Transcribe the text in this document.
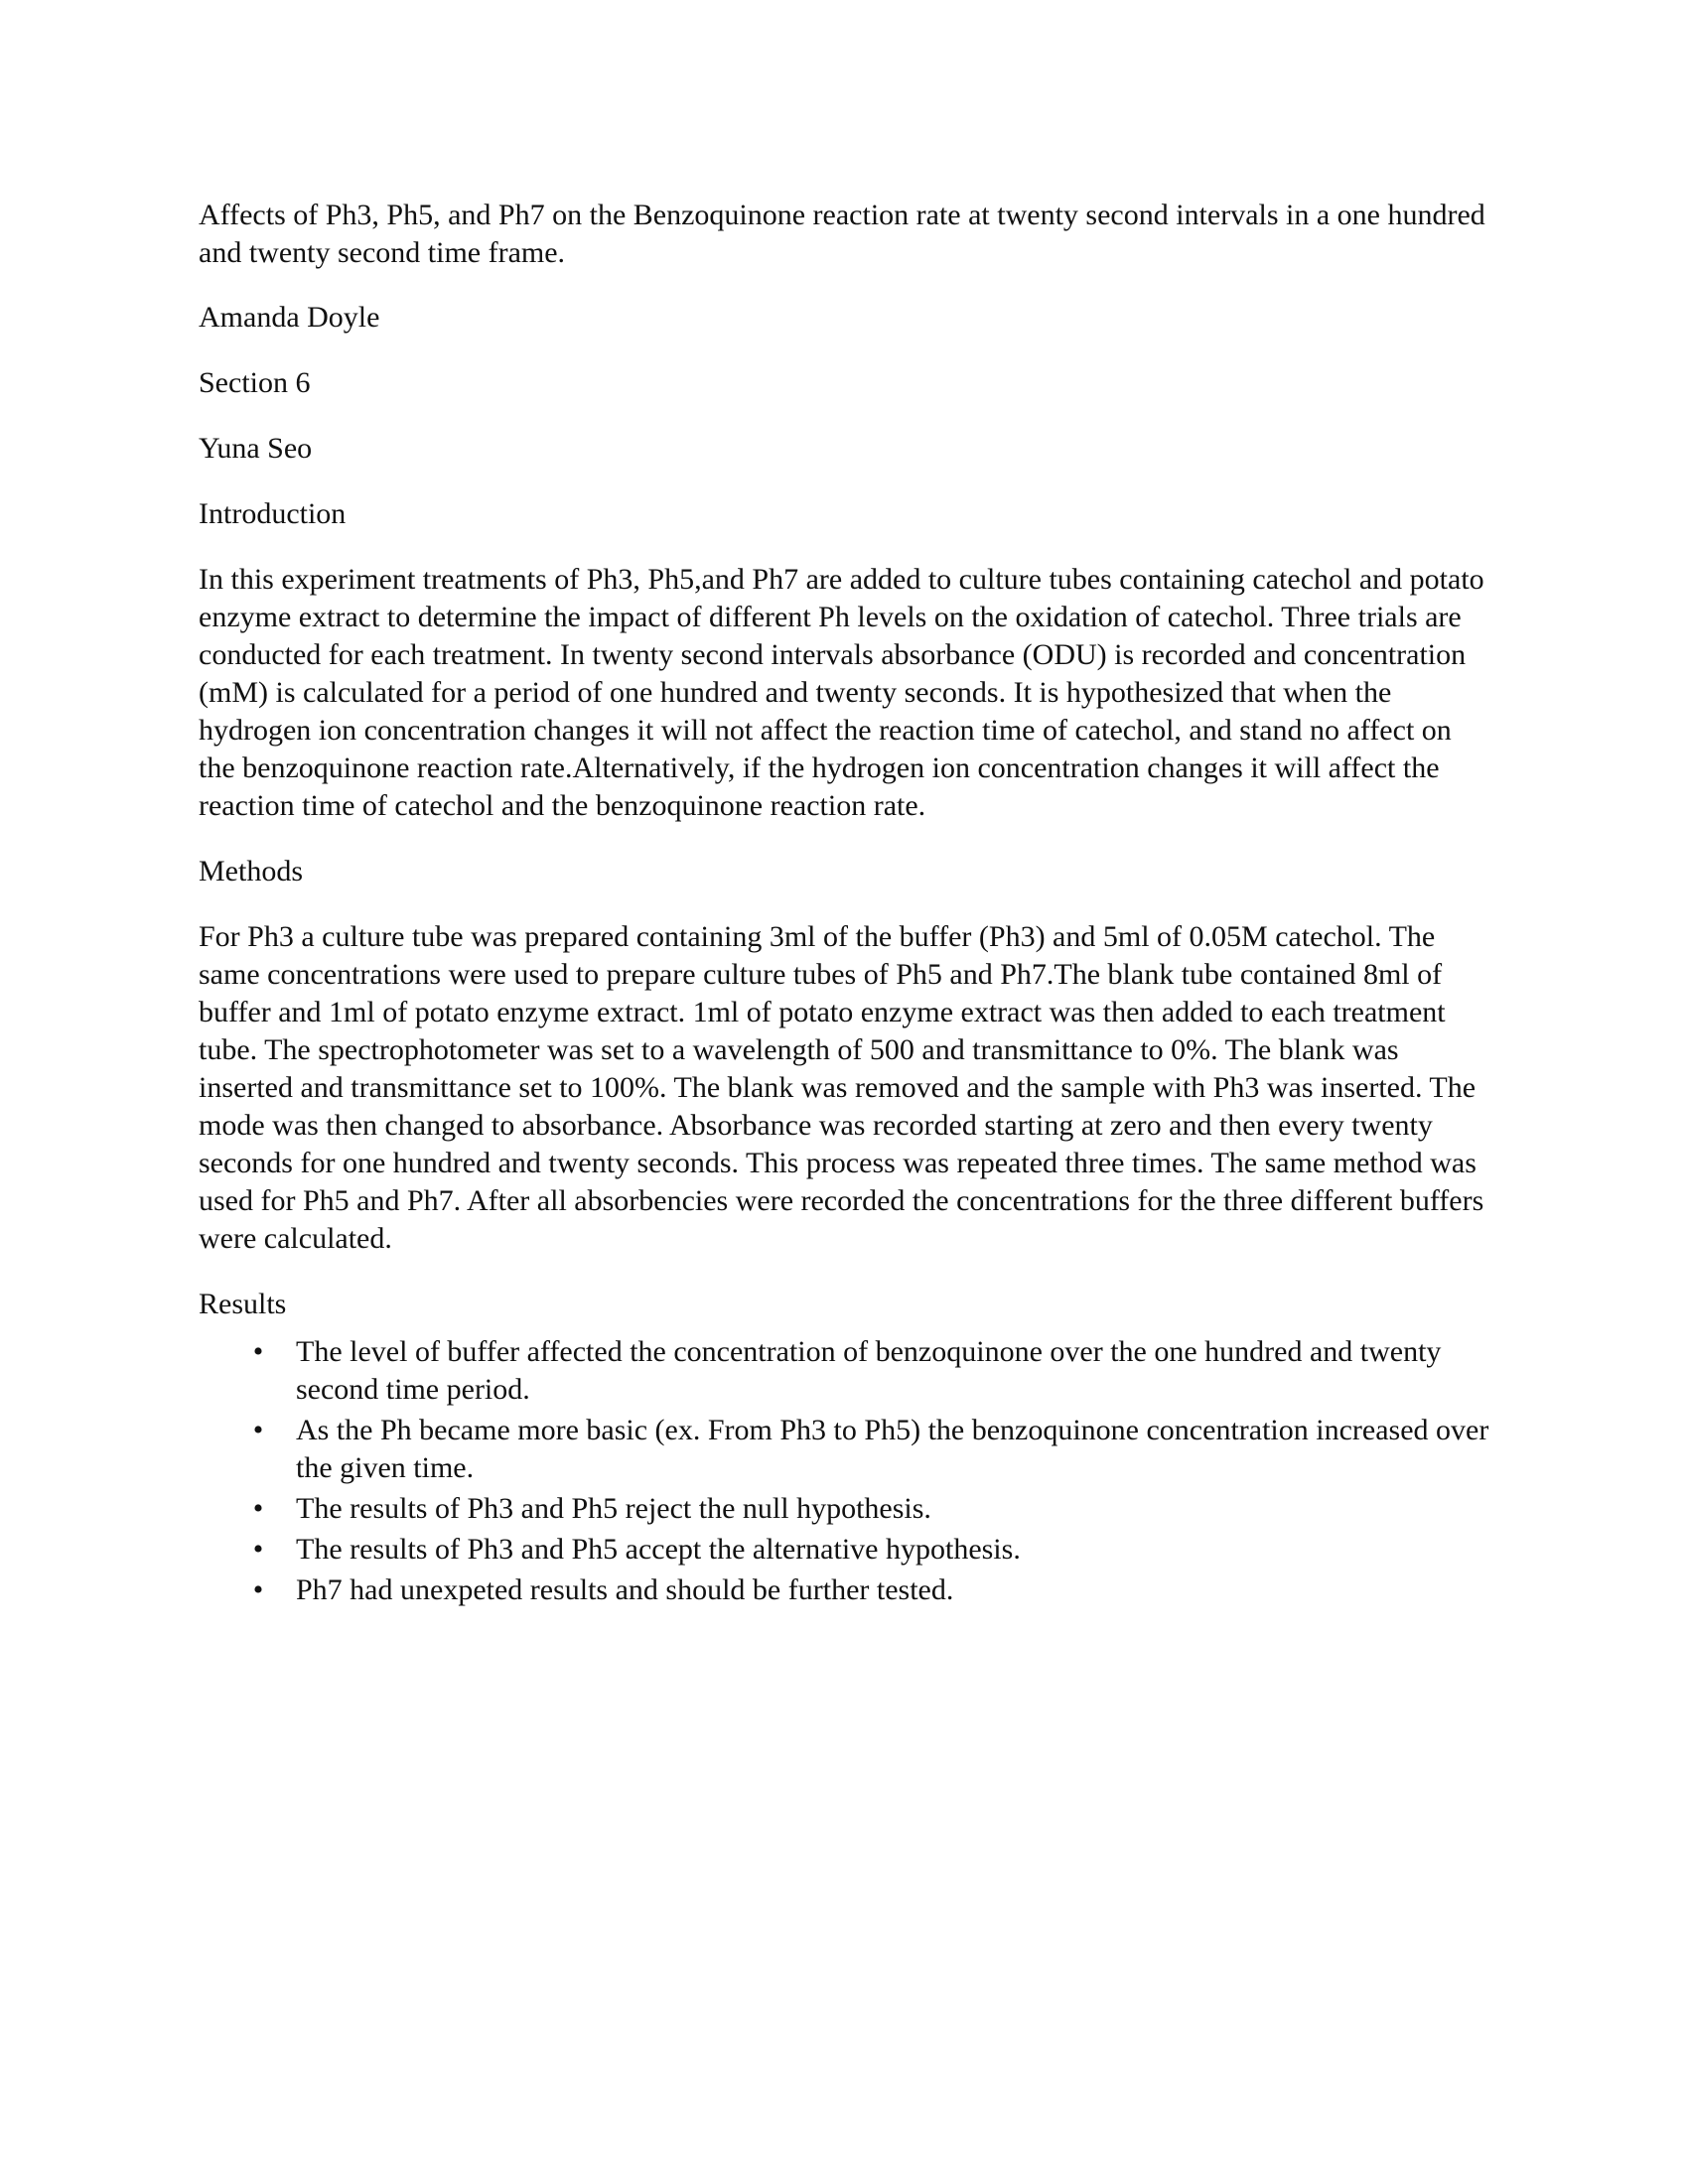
Affects of Ph3, Ph5, and Ph7 on the Benzoquinone reaction rate at twenty second intervals in a one hundred and twenty second time frame.

Amanda Doyle

Section 6

Yuna Seo

Introduction

In this experiment treatments of Ph3, Ph5,and Ph7 are added to culture tubes containing catechol and potato enzyme extract to determine the impact of different Ph levels on the oxidation of catechol. Three trials are conducted for each treatment. In twenty second intervals absorbance (ODU) is recorded and concentration (mM) is calculated for a period of one hundred and twenty seconds. It is hypothesized that when the hydrogen ion concentration changes it will not affect the reaction time of catechol, and stand no affect on the benzoquinone reaction rate.Alternatively, if the hydrogen ion concentration changes it will affect the reaction time of catechol and the benzoquinone reaction rate.

Methods

For Ph3 a culture tube was prepared containing 3ml of the buffer (Ph3) and 5ml of 0.05M catechol. The same concentrations were used to prepare culture tubes of Ph5 and Ph7.The blank tube contained 8ml of buffer and 1ml of potato enzyme extract. 1ml of potato enzyme extract was then added to each treatment tube. The spectrophotometer was set to a wavelength of 500 and transmittance to 0%. The blank was inserted and transmittance set to 100%. The blank was removed and the sample with Ph3 was inserted. The mode was then changed to absorbance. Absorbance was recorded starting at zero and then every twenty seconds for one hundred and twenty seconds. This process was repeated three times. The same method was used for Ph5 and Ph7. After all absorbencies were recorded the concentrations for the three different buffers were calculated.

Results

• The level of buffer affected the concentration of benzoquinone over the one hundred and twenty second time period.
• As the Ph became more basic (ex. From Ph3 to Ph5) the benzoquinone concentration increased over the given time.
• The results of Ph3 and Ph5 reject the null hypothesis.
• The results of Ph3 and Ph5 accept the alternative hypothesis.
• Ph7 had unexpeted results and should be further tested.
